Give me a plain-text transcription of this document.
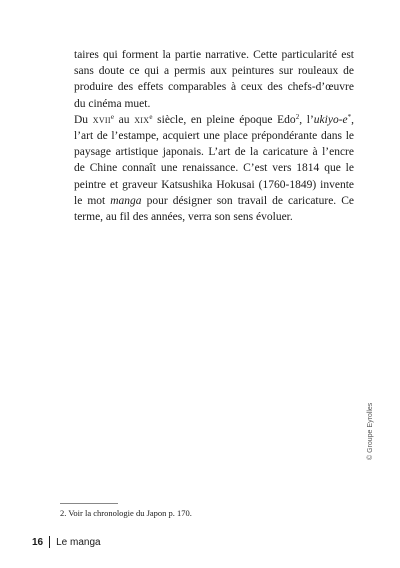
taires qui forment la partie narrative. Cette particularité est sans doute ce qui a permis aux peintures sur rouleaux de produire des effets comparables à ceux des chefs-d’œuvre du cinéma muet.

Du xvii$^e$ au xix$^e$ siècle, en pleine époque Edo$^2$, l’ukiyo-e*, l’art de l’estampe, acquiert une place prépondérante dans le paysage artistique japonais. L’art de la caricature à l’encre de Chine connaît une renaissance. C’est vers 1814 que le peintre et graveur Katsushika Hokusai (1760-1849) invente le mot manga pour désigner son travail de caricature. Ce terme, au fil des années, verra son sens évoluer.

2. Voir la chronologie du Japon p. 170.
© Groupe Eyrolles
16 Le manga
